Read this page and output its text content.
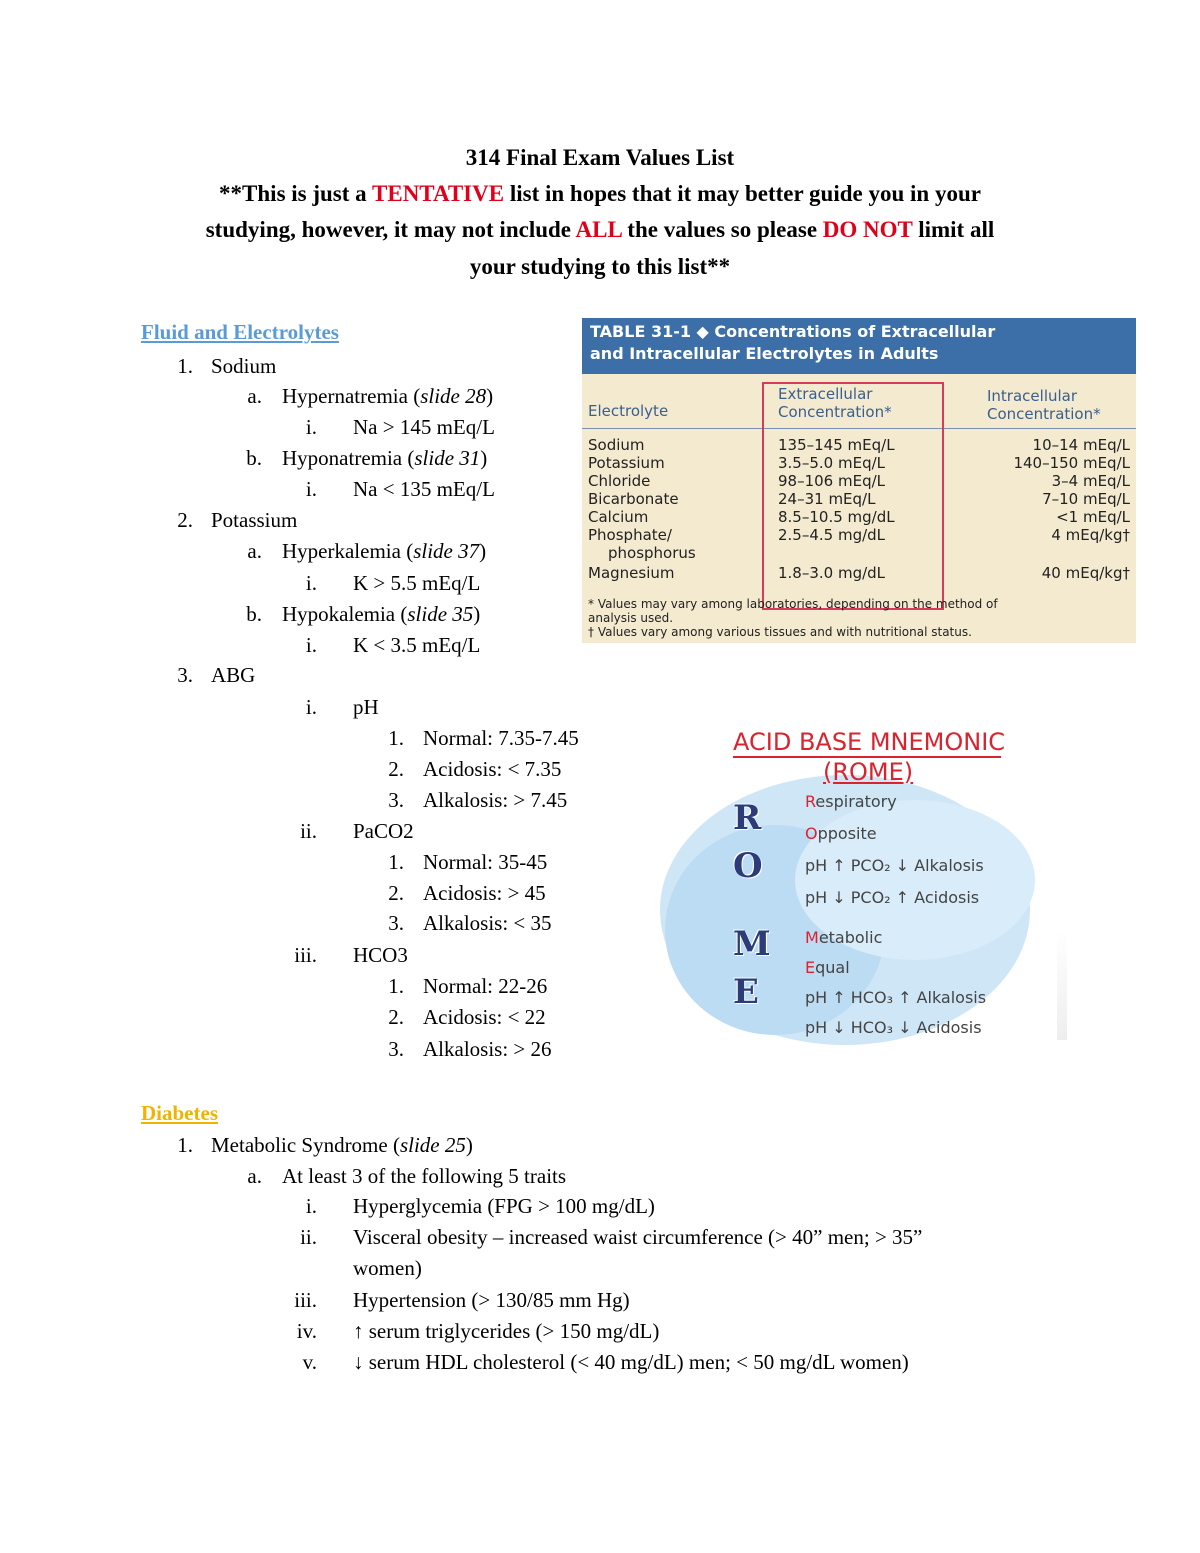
314 Final Exam Values List
**This is just a TENTATIVE list in hopes that it may better guide you in your
studying, however, it may not include ALL the values so please DO NOT limit all
your studying to this list**
Fluid and Electrolytes
Diabetes
1. Sodium
a. Hypernatremia (slide 28)
i. Na > 145 mEq/L
b. Hyponatremia (slide 31)
i. Na < 135 mEq/L
2. Potassium
a. Hyperkalemia (slide 37)
i. K > 5.5 mEq/L
b. Hypokalemia (slide 35)
i. K < 3.5 mEq/L
3. ABG
i. pH
1. Normal: 7.35-7.45
2. Acidosis: < 7.35
3. Alkalosis: > 7.45
ii. PaCO2
1. Normal: 35-45
2. Acidosis: > 45
3. Alkalosis: < 35
iii. HCO3
1. Normal: 22-26
2. Acidosis: < 22
3. Alkalosis: > 26
1. Metabolic Syndrome (slide 25)
a. At least 3 of the following 5 traits
i. Hyperglycemia (FPG > 100 mg/dL)
ii. Visceral obesity – increased waist circumference (> 40” men; > 35”
women)
iii. Hypertension (> 130/85 mm Hg)
iv. ↑ serum triglycerides (> 150 mg/dL)
v. ↓ serum HDL cholesterol (< 40 mg/dL) men; < 50 mg/dL women)
TABLE 31-1 ◆ Concentrations of Extracellular
and Intracellular Electrolytes in Adults
Electrolyte
Extracellular
Concentration*
Intracellular
Concentration*
Sodium	135–145 mEq/L	10–14 mEq/L
Potassium	3.5–5.0 mEq/L	140–150 mEq/L
Chloride	98–106 mEq/L	3–4 mEq/L
Bicarbonate	24–31 mEq/L	7–10 mEq/L
Calcium	8.5–10.5 mg/dL	<1 mEq/L
Phosphate/	2.5–4.5 mg/dL	4 mEq/kg†
phosphorus
Magnesium	1.8–3.0 mg/dL	40 mEq/kg†
* Values may vary among laboratories, depending on the method of
analysis used.
† Values vary among various tissues and with nutritional status.
ACID BASE MNEMONIC
(ROME)
R
O
M
E
Respiratory
Opposite
pH ↑ PCO₂ ↓ Alkalosis
pH ↓ PCO₂ ↑ Acidosis
Metabolic
Equal
pH ↑ HCO₃ ↑ Alkalosis
pH ↓ HCO₃ ↓ Acidosis
